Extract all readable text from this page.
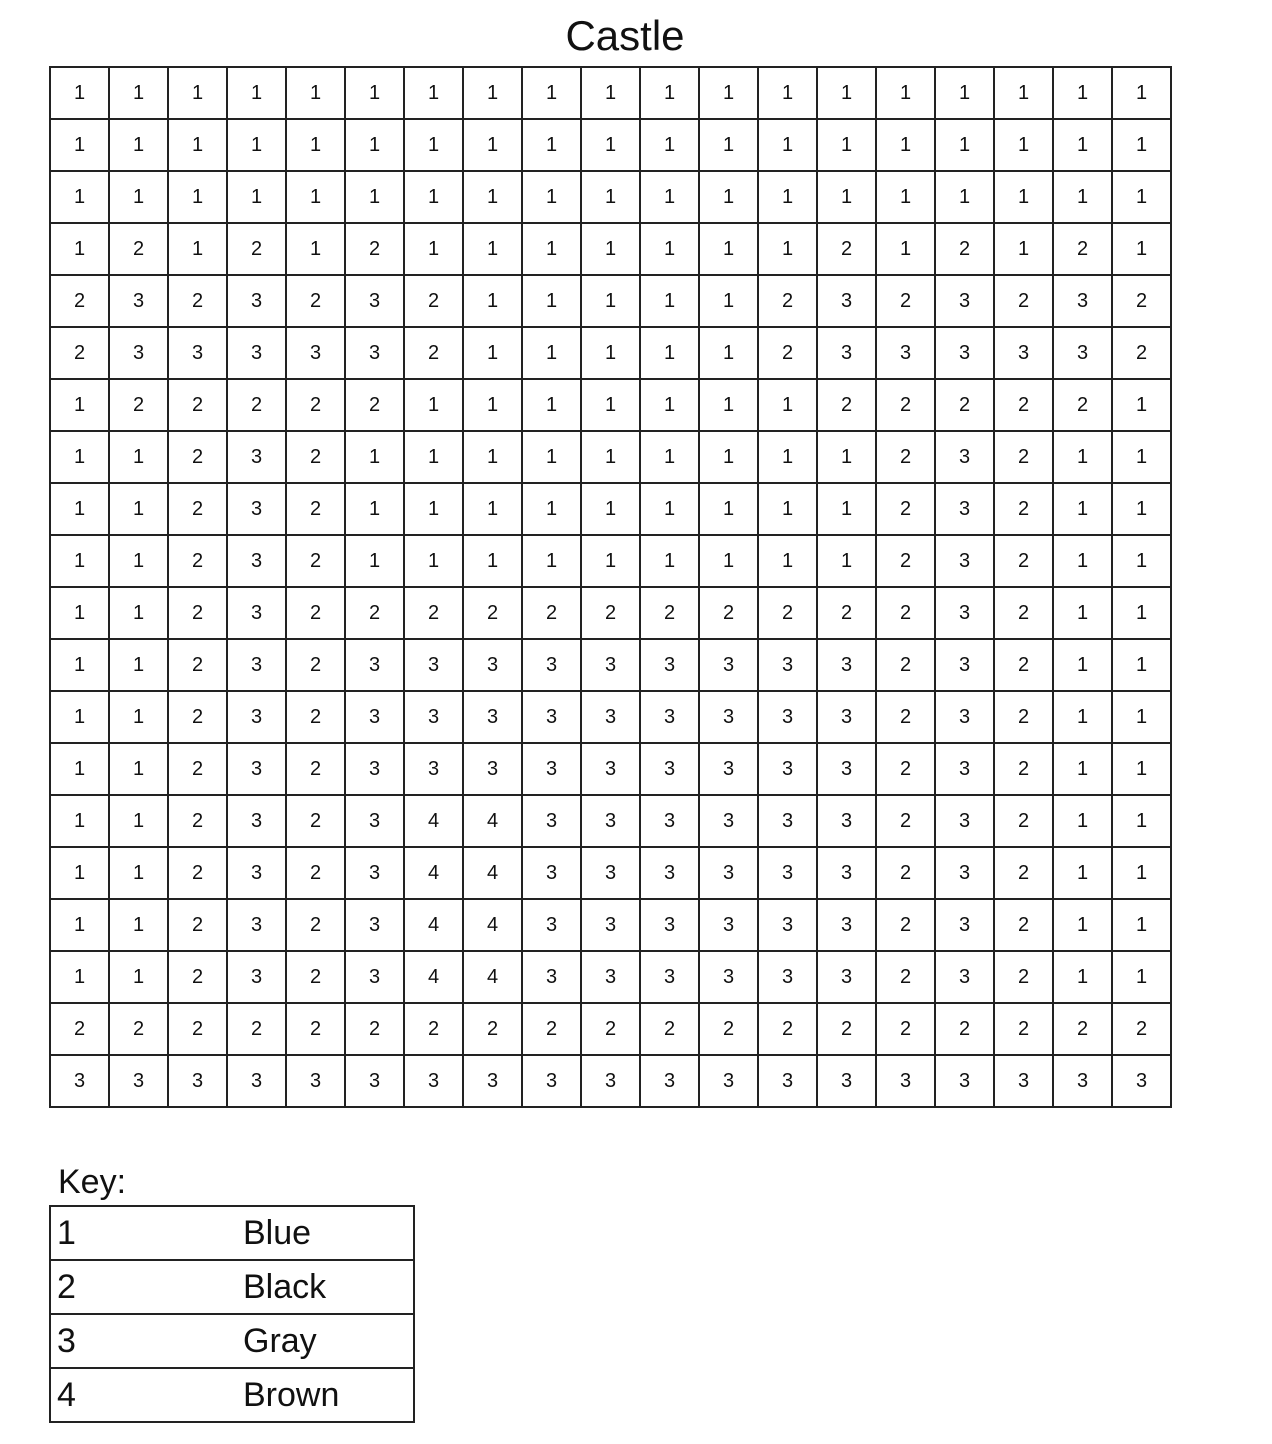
Castle
1	1	1	1	1	1	1	1	1	1	1	1	1	1	1	1	1	1	1
1	1	1	1	1	1	1	1	1	1	1	1	1	1	1	1	1	1	1
1	1	1	1	1	1	1	1	1	1	1	1	1	1	1	1	1	1	1
1	2	1	2	1	2	1	1	1	1	1	1	1	2	1	2	1	2	1
2	3	2	3	2	3	2	1	1	1	1	1	2	3	2	3	2	3	2
2	3	3	3	3	3	2	1	1	1	1	1	2	3	3	3	3	3	2
1	2	2	2	2	2	1	1	1	1	1	1	1	2	2	2	2	2	1
1	1	2	3	2	1	1	1	1	1	1	1	1	1	2	3	2	1	1
1	1	2	3	2	1	1	1	1	1	1	1	1	1	2	3	2	1	1
1	1	2	3	2	1	1	1	1	1	1	1	1	1	2	3	2	1	1
1	1	2	3	2	2	2	2	2	2	2	2	2	2	2	3	2	1	1
1	1	2	3	2	3	3	3	3	3	3	3	3	3	2	3	2	1	1
1	1	2	3	2	3	3	3	3	3	3	3	3	3	2	3	2	1	1
1	1	2	3	2	3	3	3	3	3	3	3	3	3	2	3	2	1	1
1	1	2	3	2	3	4	4	3	3	3	3	3	3	2	3	2	1	1
1	1	2	3	2	3	4	4	3	3	3	3	3	3	2	3	2	1	1
1	1	2	3	2	3	4	4	3	3	3	3	3	3	2	3	2	1	1
1	1	2	3	2	3	4	4	3	3	3	3	3	3	2	3	2	1	1
2	2	2	2	2	2	2	2	2	2	2	2	2	2	2	2	2	2	2
3	3	3	3	3	3	3	3	3	3	3	3	3	3	3	3	3	3	3
Key:
1	Blue
2	Black
3	Gray
4	Brown
